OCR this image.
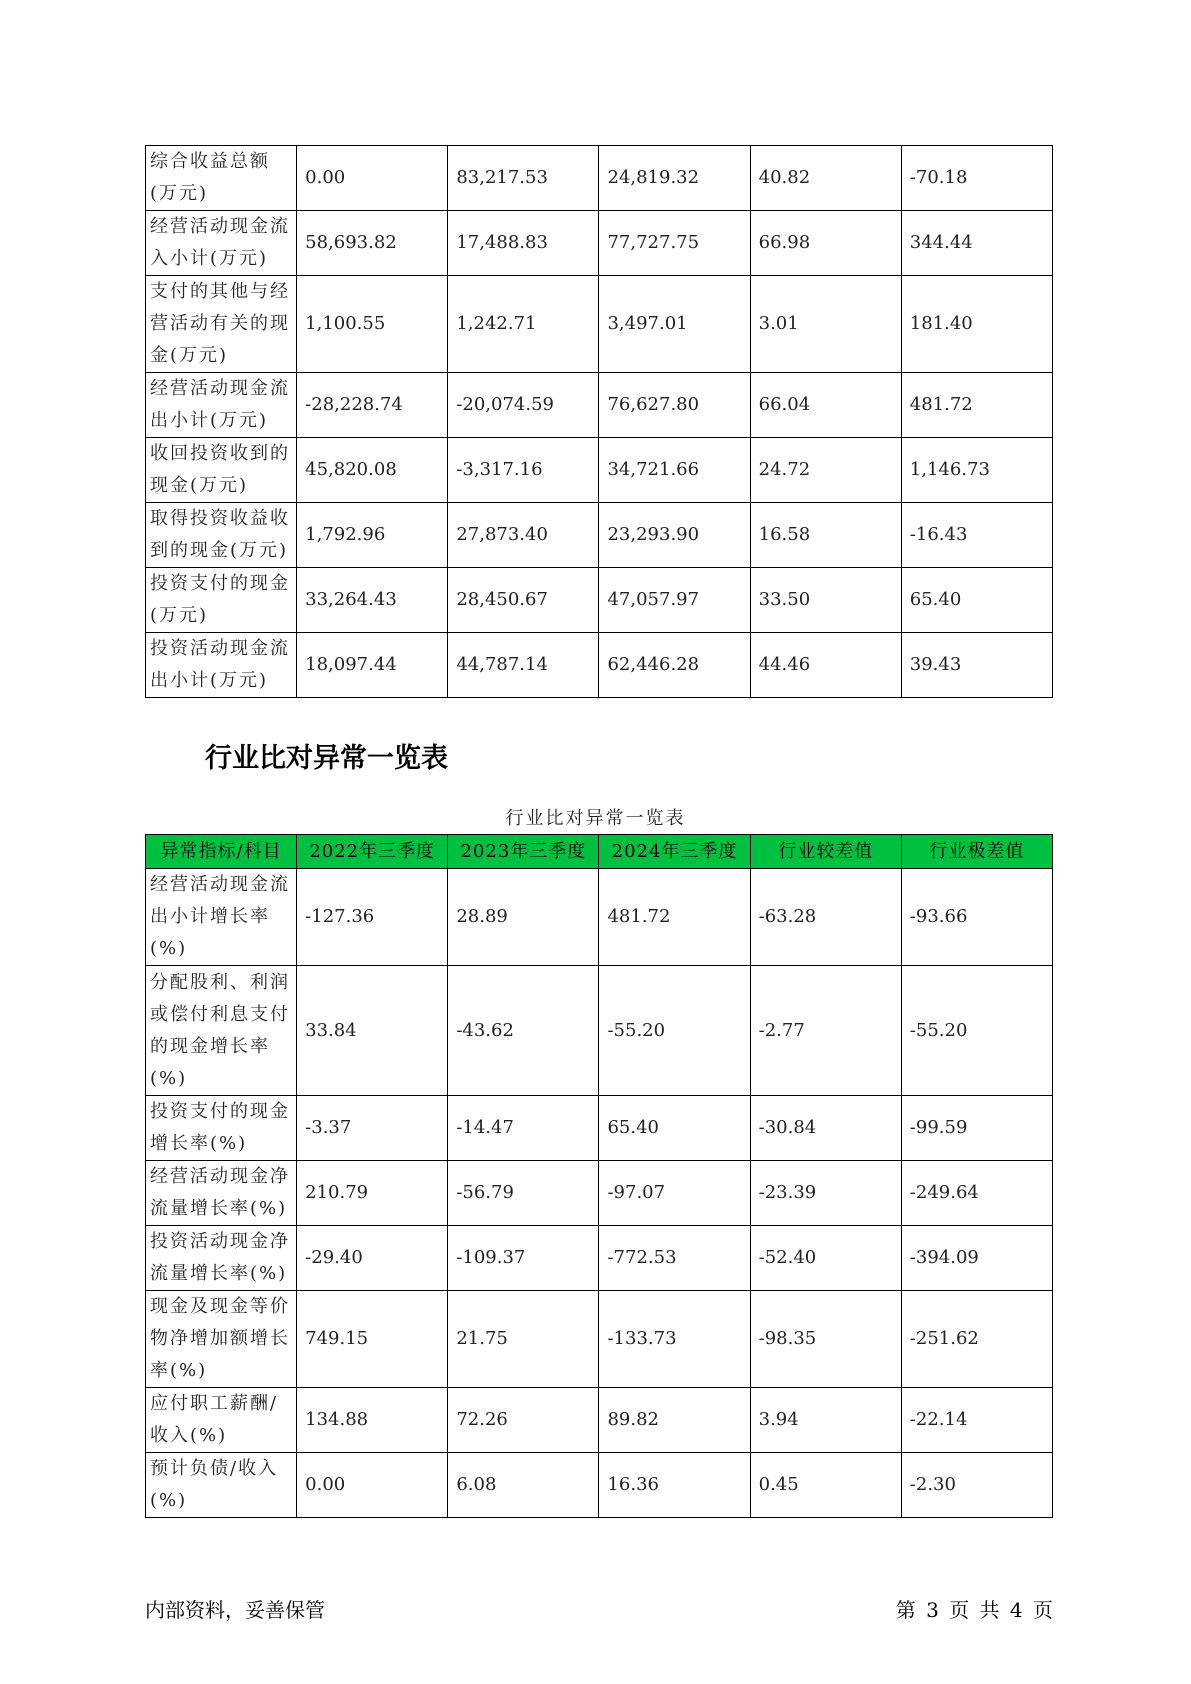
综合收益总额(万元)	0.00	83,217.53	24,819.32	40.82	-70.18
经营活动现金流入小计(万元)	58,693.82	17,488.83	77,727.75	66.98	344.44
支付的其他与经营活动有关的现金(万元)	1,100.55	1,242.71	3,497.01	3.01	181.40
经营活动现金流出小计(万元)	-28,228.74	-20,074.59	76,627.80	66.04	481.72
收回投资收到的现金(万元)	45,820.08	-3,317.16	34,721.66	24.72	1,146.73
取得投资收益收到的现金(万元)	1,792.96	27,873.40	23,293.90	16.58	-16.43
投资支付的现金(万元)	33,264.43	28,450.67	47,057.97	33.50	65.40
投资活动现金流出小计(万元)	18,097.44	44,787.14	62,446.28	44.46	39.43
行业比对异常一览表
行业比对异常一览表
异常指标/科目	2022年三季度	2023年三季度	2024年三季度	行业较差值	行业极差值
经营活动现金流出小计增长率(%)	-127.36	28.89	481.72	-63.28	-93.66
分配股利、利润或偿付利息支付的现金增长率(%)	33.84	-43.62	-55.20	-2.77	-55.20
投资支付的现金增长率(%)	-3.37	-14.47	65.40	-30.84	-99.59
经营活动现金净流量增长率(%)	210.79	-56.79	-97.07	-23.39	-249.64
投资活动现金净流量增长率(%)	-29.40	-109.37	-772.53	-52.40	-394.09
现金及现金等价物净增加额增长率(%)	749.15	21.75	-133.73	-98.35	-251.62
应付职工薪酬/收入(%)	134.88	72.26	89.82	3.94	-22.14
预计负债/收入(%)	0.00	6.08	16.36	0.45	-2.30
内部资料，妥善保管	第 3 页 共 4 页
